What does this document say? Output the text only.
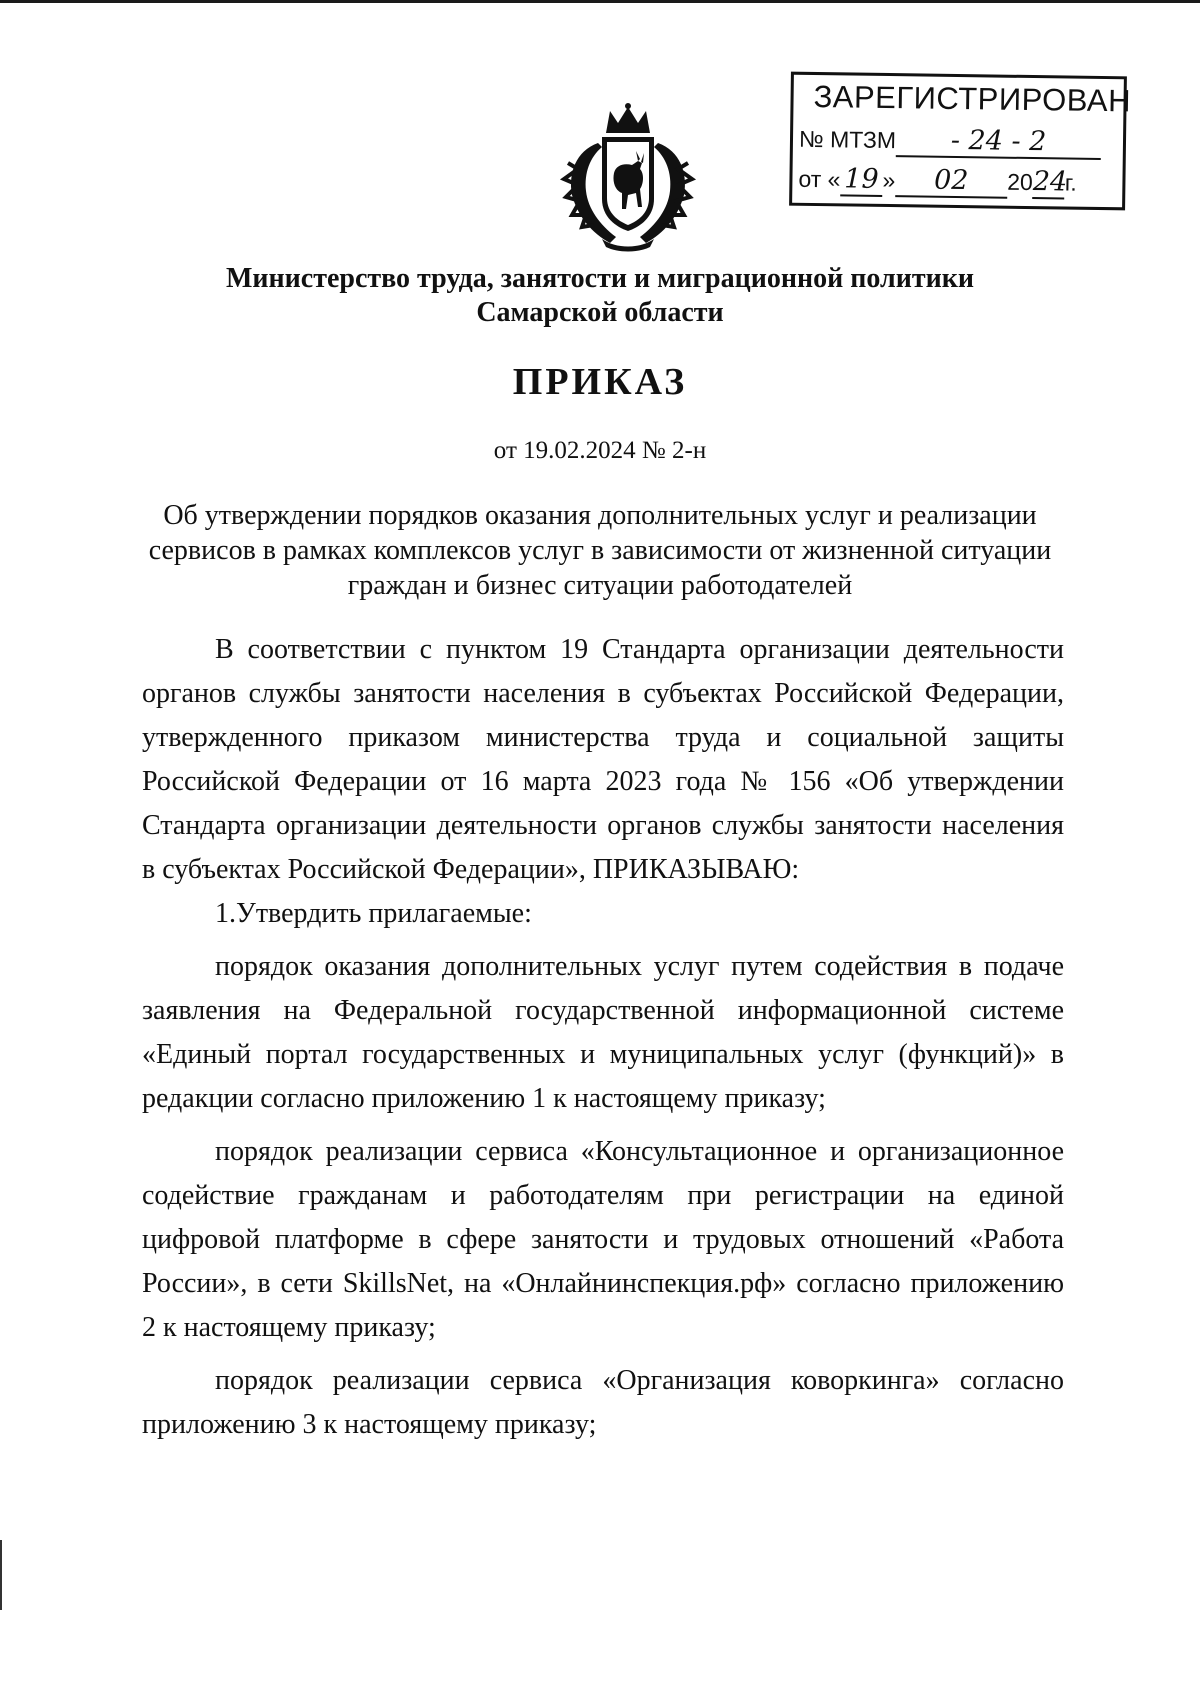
ЗАРЕГИСТРИРОВАН
№ МТЗМ - 24 - 2
от « 19 » 02 2024г.
Министерство труда, занятости и миграционной политики
Самарской области
ПРИКАЗ
от 19.02.2024 № 2-н
Об утверждении порядков оказания дополнительных услуг и реализации сервисов в рамках комплексов услуг в зависимости от жизненной ситуации граждан и бизнес ситуации работодателей

В соответствии с пунктом 19 Стандарта организации деятельности органов службы занятости населения в субъектах Российской Федерации, утвержденного приказом министерства труда и социальной защиты Российской Федерации от 16 марта 2023 года № 156 «Об утверждении Стандарта организации деятельности органов службы занятости населения в субъектах Российской Федерации», ПРИКАЗЫВАЮ:

1.Утвердить прилагаемые:

порядок оказания дополнительных услуг путем содействия в подаче заявления на Федеральной государственной информационной системе «Единый портал государственных и муниципальных услуг (функций)» в редакции согласно приложению 1 к настоящему приказу;

порядок реализации сервиса «Консультационное и организационное содействие гражданам и работодателям при регистрации на единой цифровой платформе в сфере занятости и трудовых отношений «Работа России», в сети SkillsNet, на «Онлайнинспекция.рф» согласно приложению 2 к настоящему приказу;

порядок реализации сервиса «Организация коворкинга» согласно приложению 3 к настоящему приказу;
